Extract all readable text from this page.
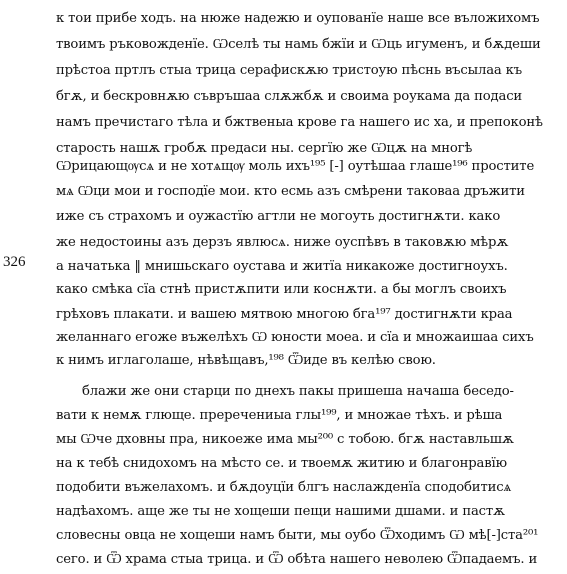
326
к тои прибе ходъ. на нюже надежю и оупованїе наше все въложихомъ
твоимъ ръковожденїе. Ѡселѣ ты намь бжїи и Ѡць игуменъ, и бѫдеши
прѣстоа пртлъ стыа трица серафискѫю тристоую пѣснь въсылаа къ
бгѫ, и бескровнѫю съвръшаа слѫжбѫ и своима роукама да подаси
намъ пречистаго тѣла и бжтвеныа крове га нашего ис ха, и препоконѣ
старость нашѫ гробѫ предаси ны. сергїю же Ѡцѫ на многѣ
Ѡрицающѹсѧ и не хотѧщѹ моль ихъ¹⁹⁵ [-] оутѣшаа глаше¹⁹⁶ простите
мѧ Ѡци мои и господїе мои. кто есмь азъ смѣрени таковаа дръжити
иже съ страхомъ и оужастїю агтли не могоуть достигнѫти. како
же недостоины азъ дерзъ явлюсѧ. ниже оуспѣвъ в таковѫю мѣрѫ
а начатька ‖ мнишьскаго оустава и житїа никакоже достигноухъ.
како смѣка сїа стнѣ пристѫпити или коснѫти. а бы моглъ своихъ
грѣховъ плакати. и вашею мятвою многою бга¹⁹⁷ достигнѫти краа
желаннаго егоже въжелѣхъ Ѡ юности моеа. и сїа и множаишаа сихъ
к нимъ иглаголаше, нѣвѣщавъ,¹⁹⁸ Ѿиде въ келѣю свою.
блажи же они старци по днехъ пакы пришеша начаша беседо-
вати к немѫ глюще. преречениыа глы¹⁹⁹, и множае тѣхъ. и рѣша
мы Ѡче дховны пра, никоеже има мы²⁰⁰ с тобою. бгѫ наставльшѫ
на к тебѣ снидохомъ на мѣсто се. и твоемѫ житию и благонравїю
подобити въжелахомъ. и бѫдоуцїи блгъ наслажденїа сподобитисѧ
надѣахомъ. аще же ты не хощеши пещи нашими дшами. и пастѫ
словесны овца не хощеши намъ быти, мы оубо Ѿходимъ Ѡ мѣ[-]ста²⁰¹
сего. и Ѿ храма стыа трица. и Ѿ обѣта нашего неволею Ѿпадаемъ. и
